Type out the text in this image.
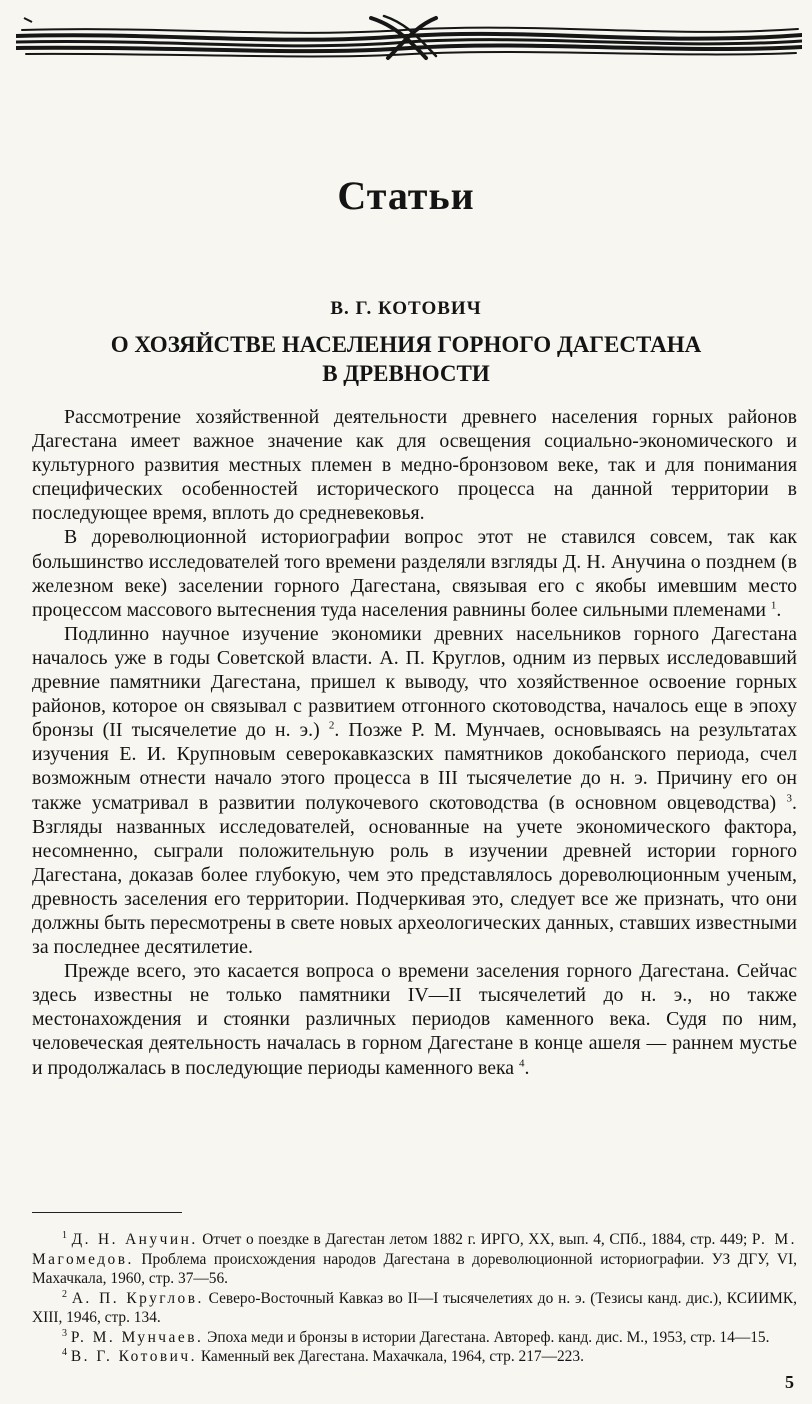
Статьи
В. Г. КОТОВИЧ
О ХОЗЯЙСТВЕ НАСЕЛЕНИЯ ГОРНОГО ДАГЕСТАНА
В ДРЕВНОСТИ

Рассмотрение хозяйственной деятельности древнего населения горных районов Дагестана имеет важное значение как для освещения социально-экономического и культурного развития местных племен в медно-бронзовом веке, так и для понимания специфических особенностей исторического процесса на данной территории в последующее время, вплоть до средневековья.

В дореволюционной историографии вопрос этот не ставился совсем, так как большинство исследователей того времени разделяли взгляды Д. Н. Анучина о позднем (в железном веке) заселении горного Дагестана, связывая его с якобы имевшим место процессом массового вытеснения туда населения равнины более сильными племенами $^1$.

Подлинно научное изучение экономики древних насельников горного Дагестана началось уже в годы Советской власти. А. П. Круглов, одним из первых исследовавший древние памятники Дагестана, пришел к выводу, что хозяйственное освоение горных районов, которое он связывал с развитием отгонного скотоводства, началось еще в эпоху бронзы (II тысячелетие до н. э.) $^2$. Позже Р. М. Мунчаев, основываясь на результатах изучения Е. И. Крупновым северокавказских памятников докобанского периода, счел возможным отнести начало этого процесса в III тысячелетие до н. э. Причину его он также усматривал в развитии полукочевого скотоводства (в основном овцеводства) $^3$. Взгляды названных исследователей, основанные на учете экономического фактора, несомненно, сыграли положительную роль в изучении древней истории горного Дагестана, доказав более глубокую, чем это представлялось дореволюционным ученым, древность заселения его территории. Подчеркивая это, следует все же признать, что они должны быть пересмотрены в свете новых археологических данных, ставших известными за последнее десятилетие.

Прежде всего, это касается вопроса о времени заселения горного Дагестана. Сейчас здесь известны не только памятники IV—II тысячелетий до н. э., но также местонахождения и стоянки различных периодов каменного века. Судя по ним, человеческая деятельность началась в горном Дагестане в конце ашеля — раннем мустье и продолжалась в последующие периоды каменного века $^4$.

$^1$ Д. Н. Анучин. Отчет о поездке в Дагестан летом 1882 г. ИРГО, XX, вып. 4, СПб., 1884, стр. 449; Р. М. Магомедов. Проблема происхождения народов Дагестана в дореволюционной историографии. УЗ ДГУ, VI, Махачкала, 1960, стр. 37—56.

$^2$ А. П. Круглов. Северо-Восточный Кавказ во II—I тысячелетиях до н. э. (Тезисы канд. дис.), КСИИМК, XIII, 1946, стр. 134.

$^3$ Р. М. Мунчаев. Эпоха меди и бронзы в истории Дагестана. Автореф. канд. дис. М., 1953, стр. 14—15.

$^4$ В. Г. Котович. Каменный век Дагестана. Махачкала, 1964, стр. 217—223.

5
